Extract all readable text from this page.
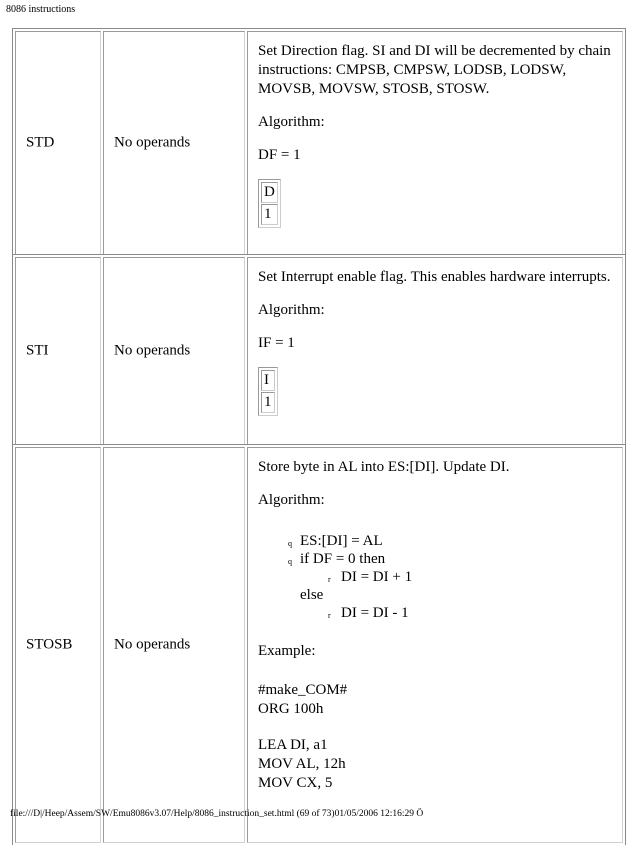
8086 instructions
STD	No operands

Set Direction flag. SI and DI will be decremented by chain instructions: CMPSB, CMPSW, LODSB, LODSW, MOVSB, MOVSW, STOSB, STOSW.

Algorithm:

DF = 1

$\frac{D}{1}$
STI	No operands

Set Interrupt enable flag. This enables hardware interrupts.

Algorithm:

IF = 1

$\frac{I}{1}$
STOSB	No operands

Store byte in AL into ES:[DI]. Update DI.

Algorithm:

q ES:[DI] = AL
q if DF = 0 then
r DI = DI + 1
else
r DI = DI - 1

Example:

#make_COM#
ORG 100h
LEA DI, a1
MOV AL, 12h
MOV CX, 5
file:///D|/Heep/Assem/SW/Emu8086v3.07/Help/8086_instruction_set.html (69 of 73)01/05/2006 12:16:29 Ö
